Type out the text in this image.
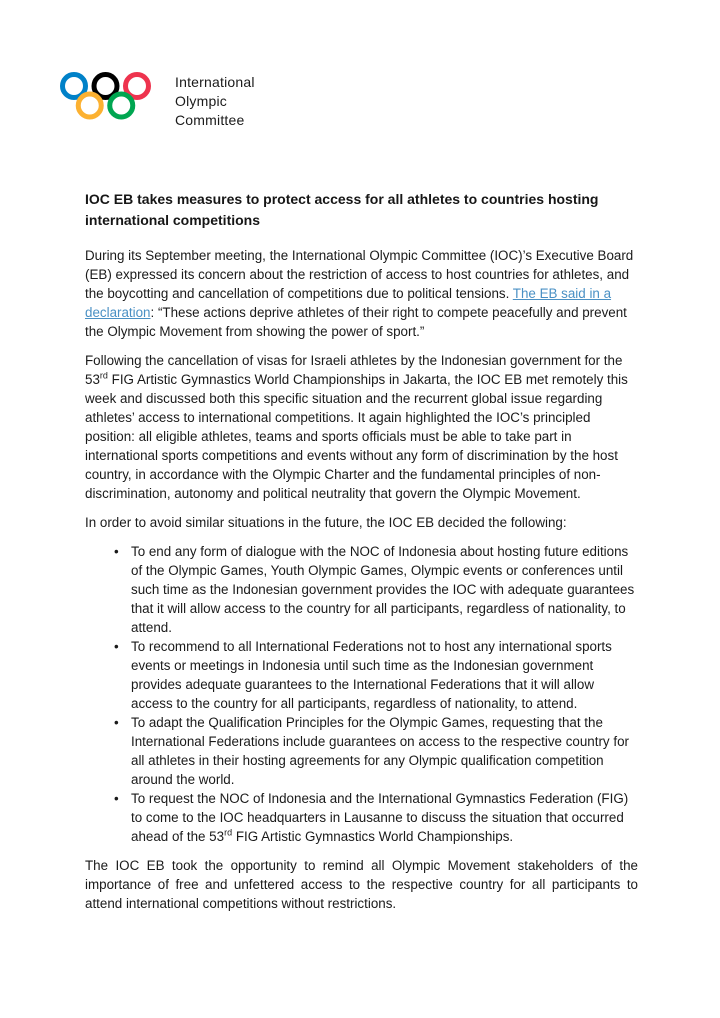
International
Olympic
Committee
IOC EB takes measures to protect access for all athletes to countries hosting international competitions

During its September meeting, the International Olympic Committee (IOC)’s Executive Board (EB) expressed its concern about the restriction of access to host countries for athletes, and the boycotting and cancellation of competitions due to political tensions. The EB said in a declaration: “These actions deprive athletes of their right to compete peacefully and prevent the Olympic Movement from showing the power of sport.”

Following the cancellation of visas for Israeli athletes by the Indonesian government for the 53rd FIG Artistic Gymnastics World Championships in Jakarta, the IOC EB met remotely this week and discussed both this specific situation and the recurrent global issue regarding athletes’ access to international competitions. It again highlighted the IOC’s principled position: all eligible athletes, teams and sports officials must be able to take part in international sports competitions and events without any form of discrimination by the host country, in accordance with the Olympic Charter and the fundamental principles of non-discrimination, autonomy and political neutrality that govern the Olympic Movement.

In order to avoid similar situations in the future, the IOC EB decided the following:

• To end any form of dialogue with the NOC of Indonesia about hosting future editions of the Olympic Games, Youth Olympic Games, Olympic events or conferences until such time as the Indonesian government provides the IOC with adequate guarantees that it will allow access to the country for all participants, regardless of nationality, to attend.
• To recommend to all International Federations not to host any international sports events or meetings in Indonesia until such time as the Indonesian government provides adequate guarantees to the International Federations that it will allow access to the country for all participants, regardless of nationality, to attend.
• To adapt the Qualification Principles for the Olympic Games, requesting that the International Federations include guarantees on access to the respective country for all athletes in their hosting agreements for any Olympic qualification competition around the world.
• To request the NOC of Indonesia and the International Gymnastics Federation (FIG) to come to the IOC headquarters in Lausanne to discuss the situation that occurred ahead of the 53rd FIG Artistic Gymnastics World Championships.

The IOC EB took the opportunity to remind all Olympic Movement stakeholders of the importance of free and unfettered access to the respective country for all participants to attend international competitions without restrictions.
